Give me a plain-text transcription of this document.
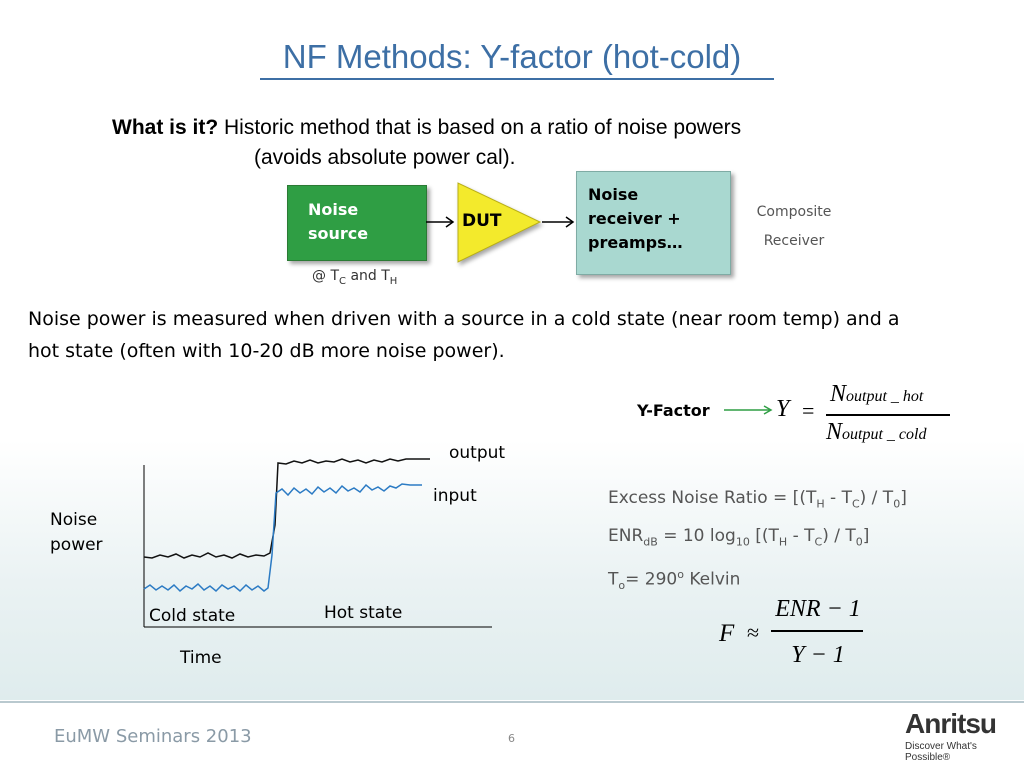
NF Methods: Y-factor (hot-cold)
What is it? Historic method that is based on a ratio of noise powers
(avoids absolute power cal).
Noise
source
DUT
Noise
receiver +
preamps…
Composite
Receiver
@ $T_C$ and $T_H$
Noise power is measured when driven with a source in a cold state (near room temp) and a
hot state (often with 10-20 dB more noise power).
Y-Factor	Y =
Noutput _ hot
Noutput _ cold
output
input
Noise
power
Cold state	Hot state
Time
Excess Noise Ratio = $[(T_H - T_C) / T_0]$
$ENR_{dB} = 10$ $\log_{10} [(T_H - T_C) / T_0]$
$T_o= 290^o$ Kelvin
F ≈
ENR − 1
Y − 1
EuMW Seminars 2013	6	Anritsu
Discover What's Possible®
